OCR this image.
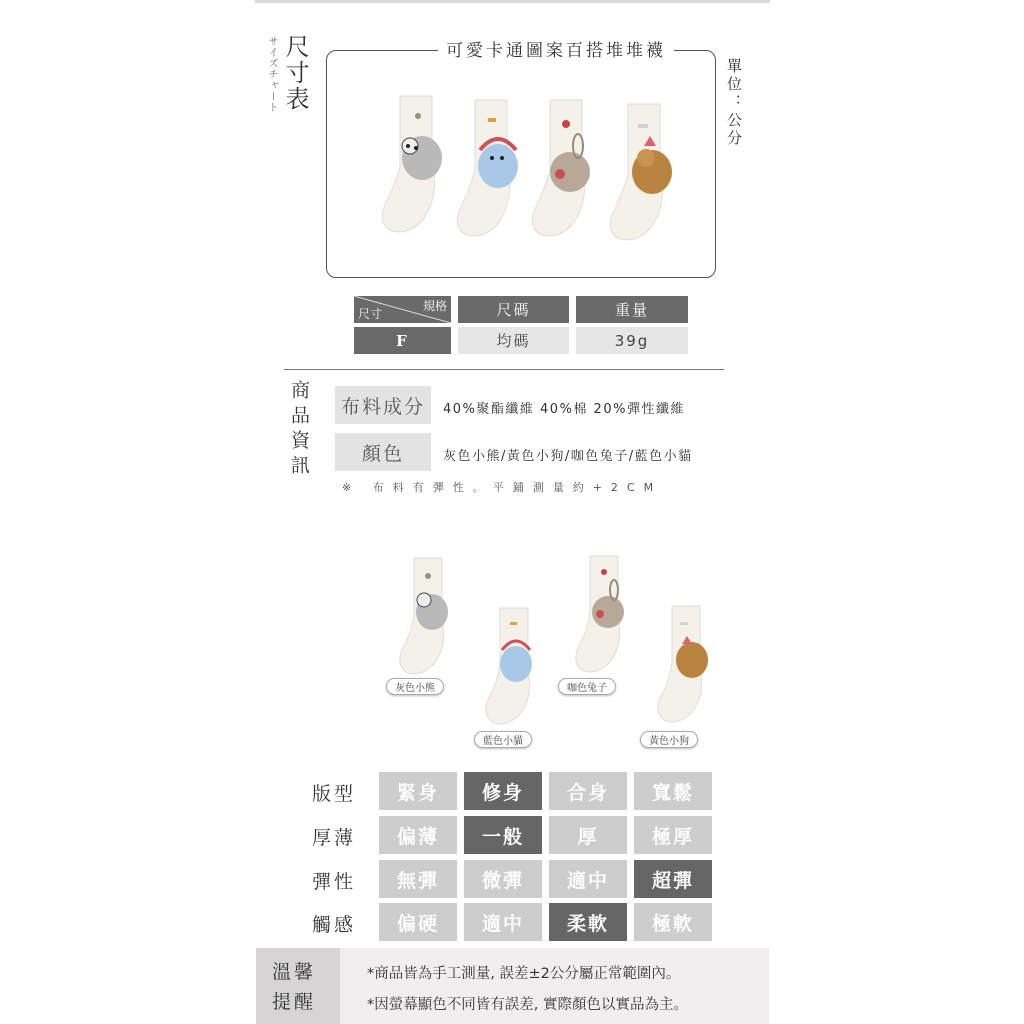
尺寸表
サイズチャート	可愛卡通圖案百搭堆堆襪
單位：公分
規格
尺寸	尺碼	重量
F	均碼	39g
商品資訊	布料成分	40%聚酯纖維 40%棉 20%彈性纖維
顏色	灰色小熊/黃色小狗/咖色兔子/藍色小貓
※ 布料有彈性。平鋪測量約+2CM
灰色小熊
藍色小貓
咖色兔子
黃色小狗
版型	緊身	修身	合身	寬鬆
厚薄	偏薄	一般	厚	極厚
彈性	無彈	微彈	適中	超彈
觸感	偏硬	適中	柔軟	極軟
溫馨提醒
*商品皆為手工測量, 誤差±2公分屬正常範圍內。
*因螢幕顯色不同皆有誤差, 實際顏色以實品為主。
